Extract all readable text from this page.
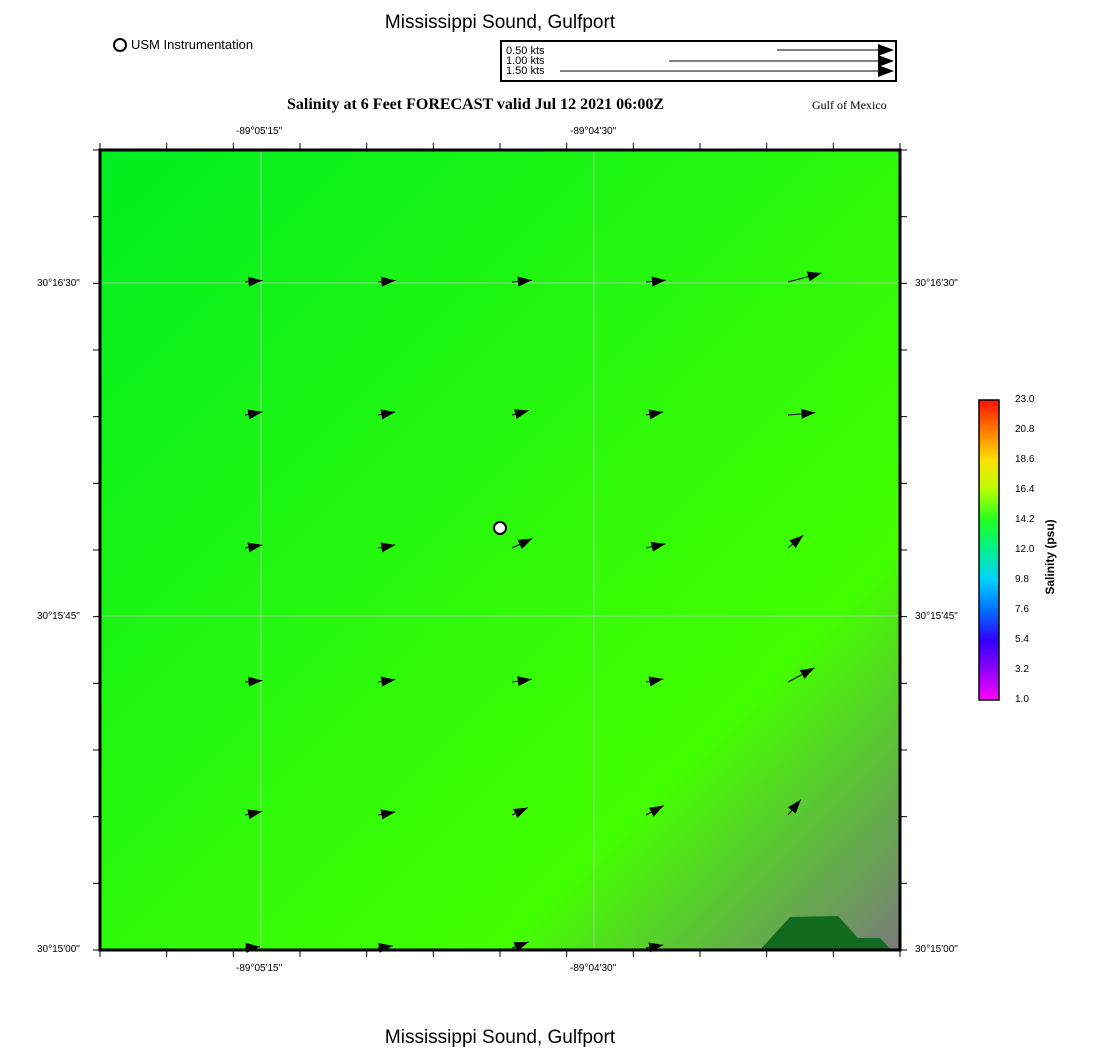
Mississippi Sound, Gulfport
USM Instrumentation	0.50 kts
1.00 kts
1.50 kts
Salinity at 6 Feet FORECAST valid Jul 12 2021 06:00Z	Gulf of Mexico
-89°05'15"	-89°04'30"
-89°05'15"	-89°04'30"
30°16'30"
30°15'45"
30°15'00"
30°16'30"
30°15'45"
30°15'00"
23.0
20.8
18.6
16.4
14.2
12.0
9.8
7.6
5.4
3.2
1.0
Salinity (psu)
Mississippi Sound, Gulfport
